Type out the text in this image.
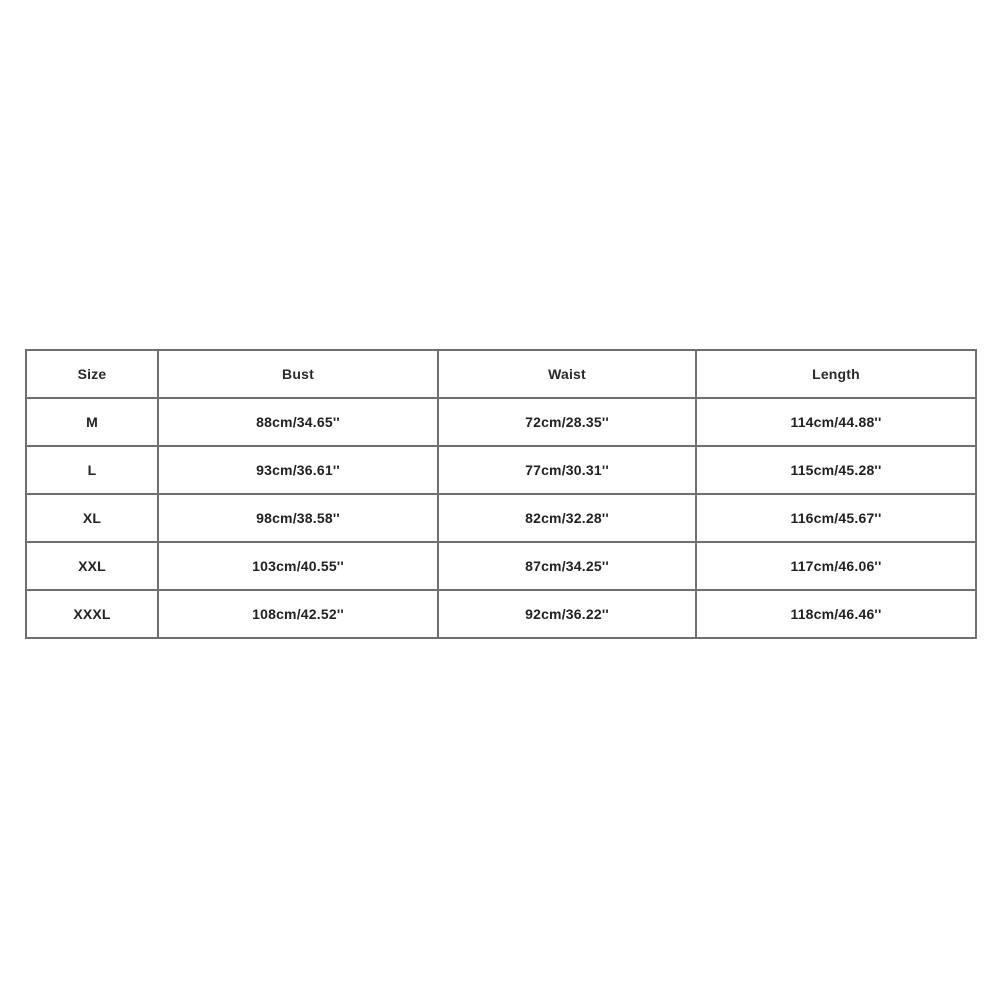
Size	Bust	Waist	Length
M	88cm/34.65''	72cm/28.35''	114cm/44.88''
L	93cm/36.61''	77cm/30.31''	115cm/45.28''
XL	98cm/38.58''	82cm/32.28''	116cm/45.67''
XXL	103cm/40.55''	87cm/34.25''	117cm/46.06''
XXXL	108cm/42.52''	92cm/36.22''	118cm/46.46''
